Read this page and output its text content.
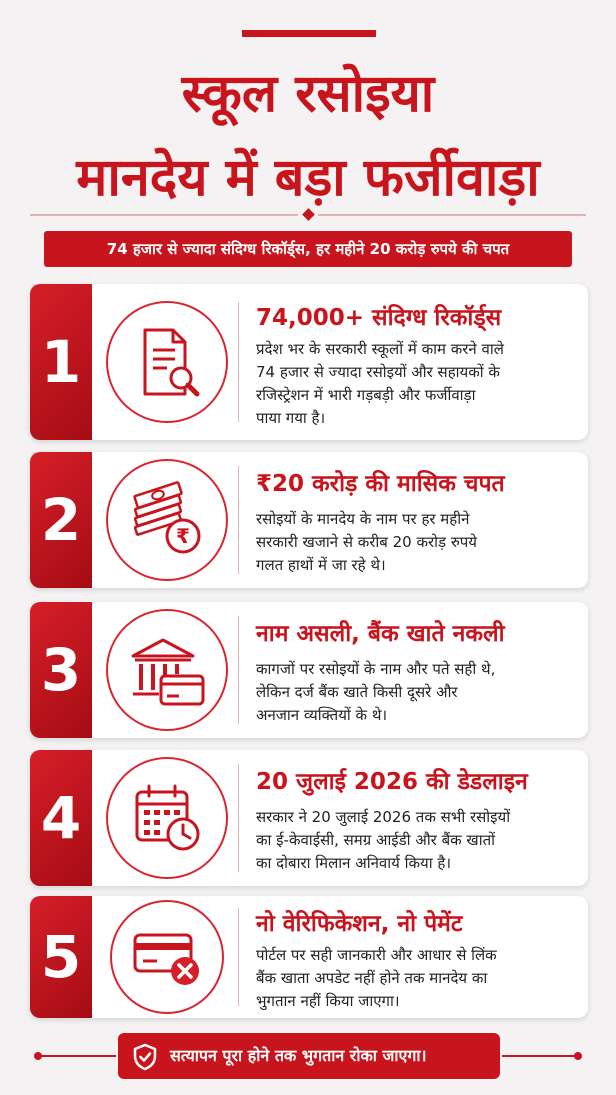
स्कूल रसोइया
मानदेय में बड़ा फर्जीवाड़ा
74 हजार से ज्यादा संदिग्ध रिकॉर्ड्स, हर महीने 20 करोड़ रुपये की चपत
1
74,000+ संदिग्ध रिकॉर्ड्स
प्रदेश भर के सरकारी स्कूलों में काम करने वाले
74 हजार से ज्यादा रसोइयों और सहायकों के
रजिस्ट्रेशन में भारी गड़बड़ी और फर्जीवाड़ा
पाया गया है।
2	₹
₹20 करोड़ की मासिक चपत
रसोइयों के मानदेय के नाम पर हर महीने
सरकारी खजाने से करीब 20 करोड़ रुपये
गलत हाथों में जा रहे थे।
3
नाम असली, बैंक खाते नकली
कागजों पर रसोइयों के नाम और पते सही थे,
लेकिन दर्ज बैंक खाते किसी दूसरे और
अनजान व्यक्तियों के थे।
4
20 जुलाई 2026 की डेडलाइन
सरकार ने 20 जुलाई 2026 तक सभी रसोइयों
का ई-केवाईसी, समग्र आईडी और बैंक खातों
का दोबारा मिलान अनिवार्य किया है।
5	नो वेरिफिकेशन, नो पेमेंट
पोर्टल पर सही जानकारी और आधार से लिंक
बैंक खाता अपडेट नहीं होने तक मानदेय का
भुगतान नहीं किया जाएगा।
सत्यापन पूरा होने तक भुगतान रोका जाएगा।
